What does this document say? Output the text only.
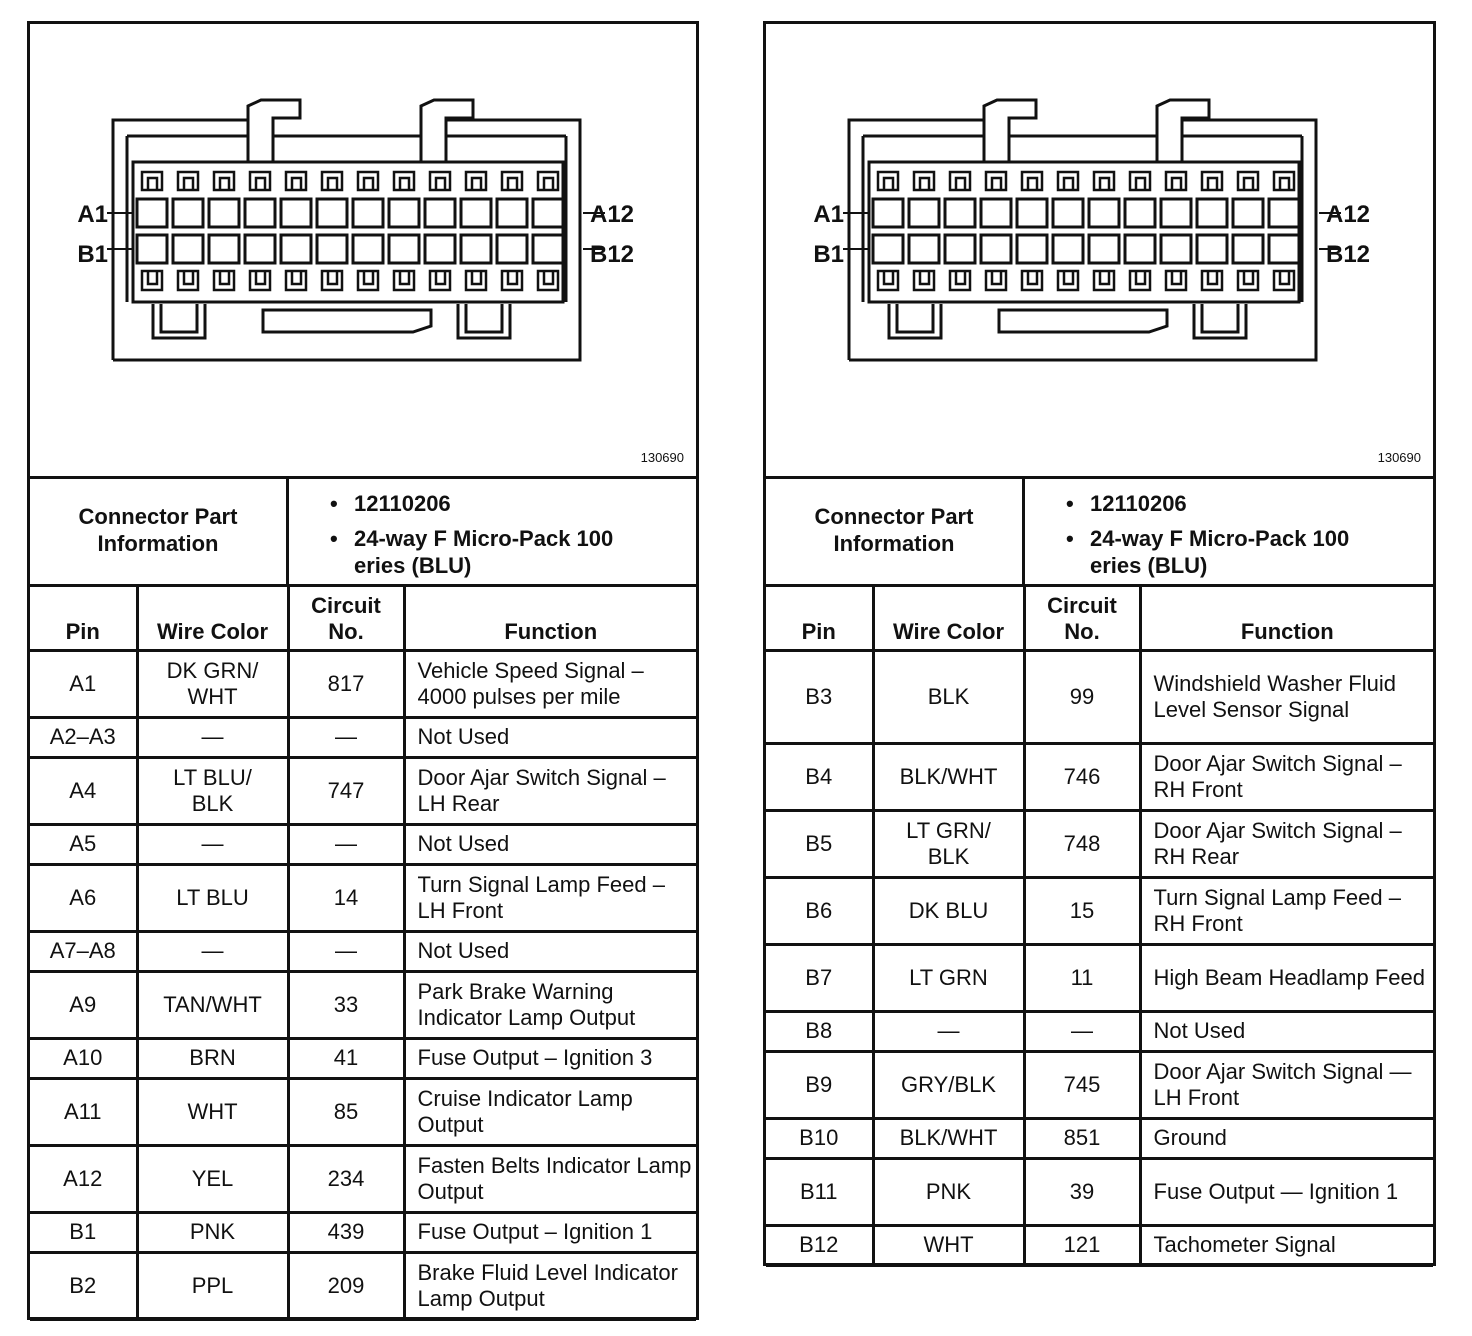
A1
B1
A12
B12
130690
Connector Part Information
• 12110206
• 24-way F Micro-Pack 100 eries (BLU)
Pin	Wire Color	Circuit No.	Function

A1	DK GRN/ WHT	817	Vehicle Speed Signal – 4000 pulses per mile

A2–A3	—	—	Not Used

A4	LT BLU/ BLK	747	Door Ajar Switch Signal – LH Rear

A5	—	—	Not Used

A6	LT BLU	14	Turn Signal Lamp Feed – LH Front

A7–A8	—	—	Not Used

A9	TAN/WHT	33	Park Brake Warning Indicator Lamp Output

A10	BRN	41	Fuse Output – Ignition 3

A11	WHT	85	Cruise Indicator Lamp Output

A12	YEL	234	Fasten Belts Indicator Lamp Output

B1	PNK	439	Fuse Output – Ignition 1

B2	PPL	209	Brake Fluid Level Indicator Lamp Output
A1
B1
A12
B12
130690
Connector Part Information
• 12110206
• 24-way F Micro-Pack 100 eries (BLU)
Pin	Wire Color	Circuit No.	Function

B3	BLK	99	Windshield Washer Fluid Level Sensor Signal

B4	BLK/WHT	746	Door Ajar Switch Signal – RH Front

B5	LT GRN/ BLK	748	Door Ajar Switch Signal – RH Rear

B6	DK BLU	15	Turn Signal Lamp Feed – RH Front

B7	LT GRN	11	High Beam Headlamp Feed

B8	—	—	Not Used

B9	GRY/BLK	745	Door Ajar Switch Signal — LH Front

B10	BLK/WHT	851	Ground

B11	PNK	39	Fuse Output — Ignition 1

B12	WHT	121	Tachometer Signal
